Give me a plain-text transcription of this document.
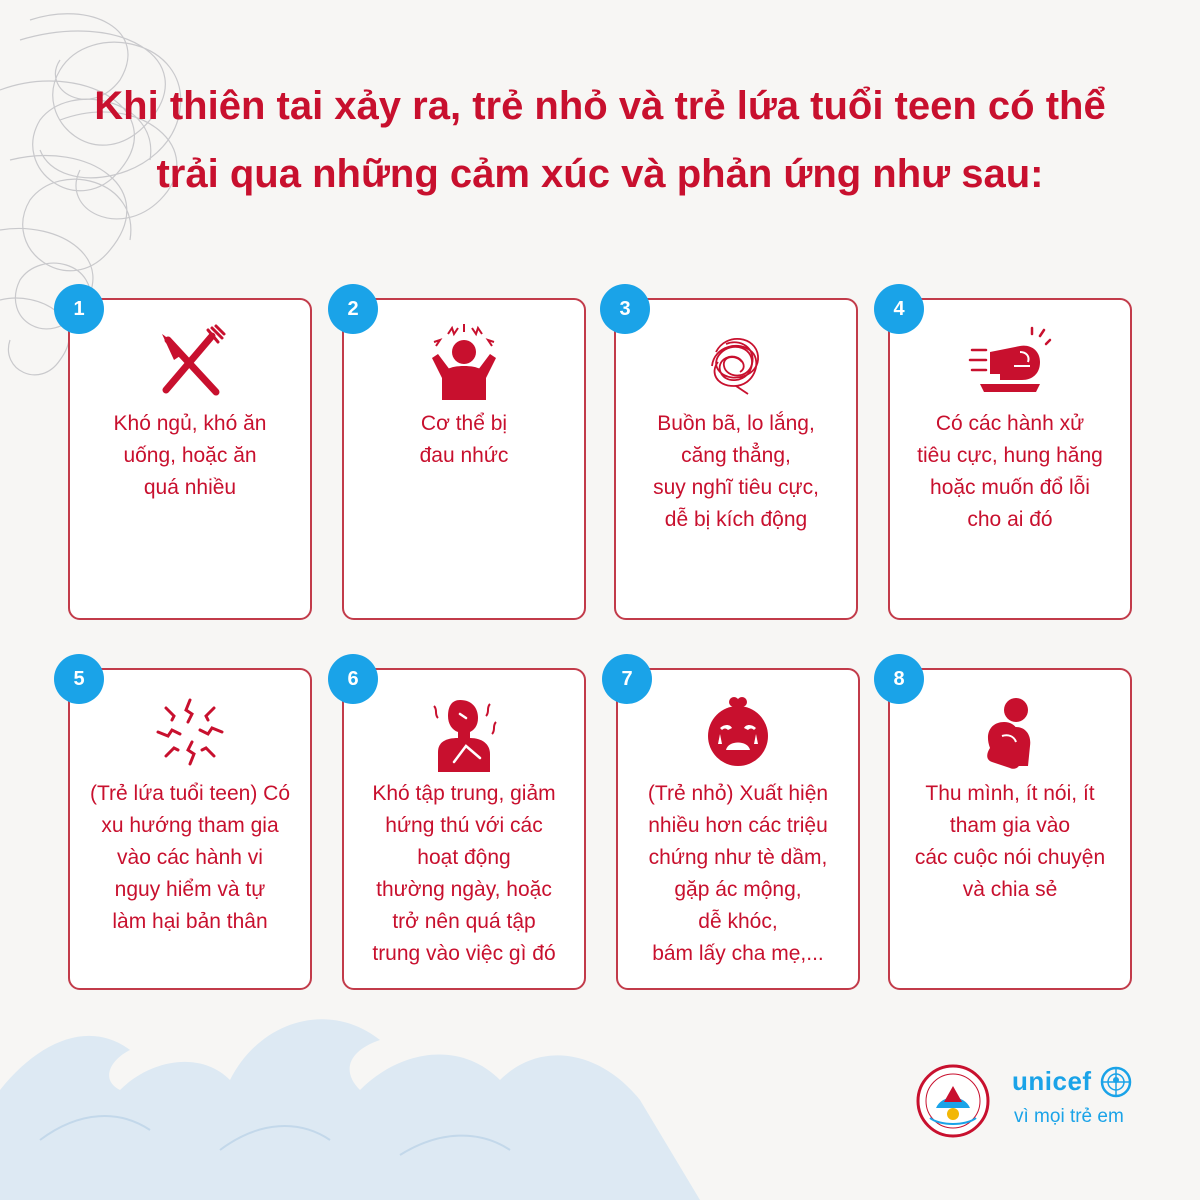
Khi thiên tai xảy ra, trẻ nhỏ và trẻ lứa tuổi teen có thể
trải qua những cảm xúc và phản ứng như sau:
1
Khó ngủ, khó ăn
uống, hoặc ăn
quá nhiều
2
Cơ thể bị
đau nhức
3
Buồn bã, lo lắng,
căng thẳng,
suy nghĩ tiêu cực,
dễ bị kích động
4
Có các hành xử
tiêu cực, hung hăng
hoặc muốn đổ lỗi
cho ai đó
5
(Trẻ lứa tuổi teen) Có
xu hướng tham gia
vào các hành vi
nguy hiểm và tự
làm hại bản thân
6
Khó tập trung, giảm
hứng thú với các
hoạt động
thường ngày, hoặc
trở nên quá tập
trung vào việc gì đó
7
(Trẻ nhỏ) Xuất hiện
nhiều hơn các triệu
chứng như tè dầm,
gặp ác mộng,
dễ khóc,
bám lấy cha mẹ,...
8
Thu mình, ít nói, ít
tham gia vào
các cuộc nói chuyện
và chia sẻ
unicef
vì mọi trẻ em
